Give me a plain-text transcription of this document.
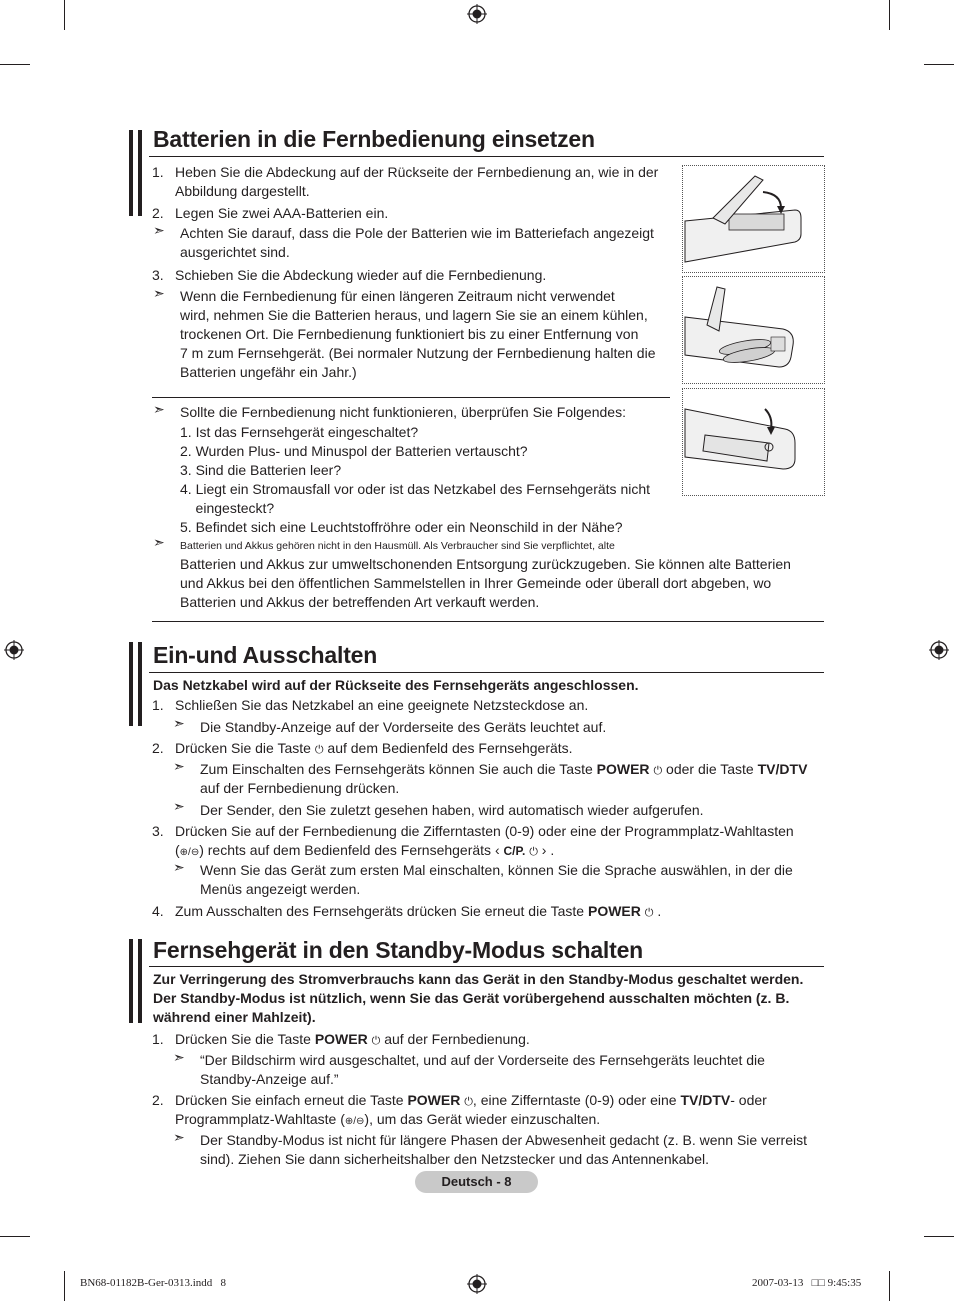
Batterien in die Fernbedienung einsetzen
1. Heben Sie die Abdeckung auf der Rückseite der Fernbedienung an, wie in der
Abbildung dargestellt.
2. Legen Sie zwei AAA-Batterien ein.
➣ Achten Sie darauf, dass die Pole der Batterien wie im Batteriefach angezeigt
ausgerichtet sind.
3. Schieben Sie die Abdeckung wieder auf die Fernbedienung.
➣ Wenn die Fernbedienung für einen längeren Zeitraum nicht verwendet
wird, nehmen Sie die Batterien heraus, und lagern Sie sie an einem kühlen,
trockenen Ort. Die Fernbedienung funktioniert bis zu einer Entfernung von
7 m zum Fernsehgerät. (Bei normaler Nutzung der Fernbedienung halten die
Batterien ungefähr ein Jahr.)
➣ Sollte die Fernbedienung nicht funktionieren, überprüfen Sie Folgendes:
1. Ist das Fernsehgerät eingeschaltet?
2. Wurden Plus- und Minuspol der Batterien vertauscht?
3. Sind die Batterien leer?
4. Liegt ein Stromausfall vor oder ist das Netzkabel des Fernsehgeräts nicht
eingesteckt?
5. Befindet sich eine Leuchtstoffröhre oder ein Neonschild in der Nähe?
➣ Batterien und Akkus gehören nicht in den Hausmüll. Als Verbraucher sind Sie verpflichtet, alte
Batterien und Akkus zur umweltschonenden Entsorgung zurückzugeben. Sie können alte Batterien
und Akkus bei den öffentlichen Sammelstellen in Ihrer Gemeinde oder überall dort abgeben, wo
Batterien und Akkus der betreffenden Art verkauft werden.
Ein-und Ausschalten
Das Netzkabel wird auf der Rückseite des Fernsehgeräts angeschlossen.
1. Schließen Sie das Netzkabel an eine geeignete Netzsteckdose an.
➣ Die Standby-Anzeige auf der Vorderseite des Geräts leuchtet auf.
2. Drücken Sie die Taste ⏻ auf dem Bedienfeld des Fernsehgeräts.
➣ Zum Einschalten des Fernsehgeräts können Sie auch die Taste POWER ⏻ oder die Taste TV/DTV
auf der Fernbedienung drücken.
➣ Der Sender, den Sie zuletzt gesehen haben, wird automatisch wieder aufgerufen.
3. Drücken Sie auf der Fernbedienung die Zifferntasten (0-9) oder eine der Programmplatz-Wahltasten
(⊕/⊖) rechts auf dem Bedienfeld des Fernsehgeräts ‹ C/P. ⏻ › .
➣ Wenn Sie das Gerät zum ersten Mal einschalten, können Sie die Sprache auswählen, in der die
Menüs angezeigt werden.
4. Zum Ausschalten des Fernsehgeräts drücken Sie erneut die Taste POWER ⏻ .
Fernsehgerät in den Standby-Modus schalten
Zur Verringerung des Stromverbrauchs kann das Gerät in den Standby-Modus geschaltet werden.
Der Standby-Modus ist nützlich, wenn Sie das Gerät vorübergehend ausschalten möchten (z. B.
während einer Mahlzeit).
1. Drücken Sie die Taste POWER ⏻ auf der Fernbedienung.
➣ “Der Bildschirm wird ausgeschaltet, und auf der Vorderseite des Fernsehgeräts leuchtet die
Standby-Anzeige auf.”
2. Drücken Sie einfach erneut die Taste POWER ⏻, eine Zifferntaste (0-9) oder eine TV/DTV- oder
Programmplatz-Wahltaste (⊕/⊖), um das Gerät wieder einzuschalten.
➣ Der Standby-Modus ist nicht für längere Phasen der Abwesenheit gedacht (z. B. wenn Sie verreist
sind). Ziehen Sie dann sicherheitshalber den Netzstecker und das Antennenkabel.
Deutsch - 8
BN68-01182B-Ger-0313.indd   8	2007-03-13   □□ 9:45:35
